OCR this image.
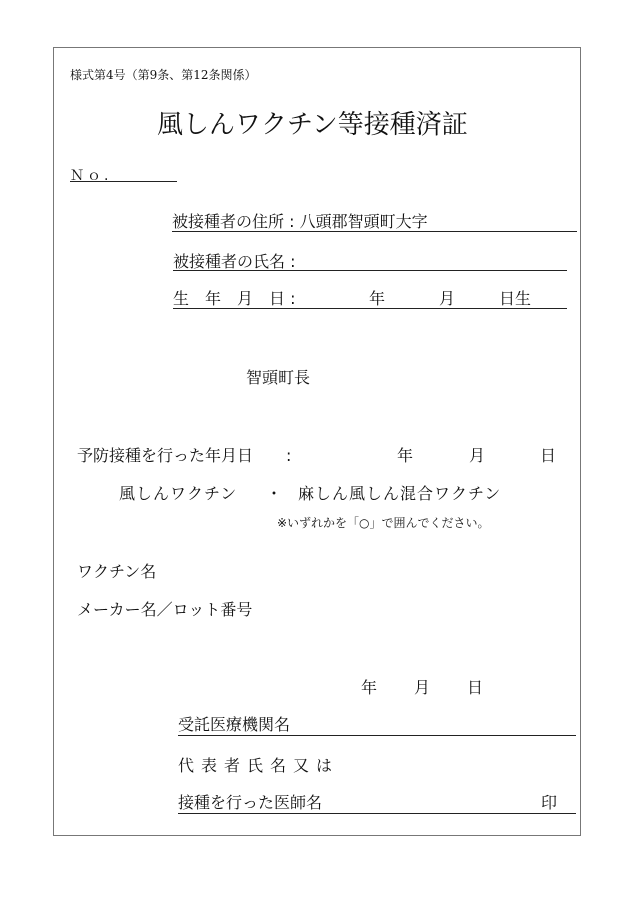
様式第4号（第9条、第12条関係）
風しんワクチン等接種済証
Ｎｏ.
被接種者の住所 : 八頭郡智頭町大字
被接種者の氏名 :
生　年　月　日 :	年	月	日生
智頭町長
予防接種を行った年月日 :	年	月	日
風しんワクチン ・ 麻しん風しん混合ワクチン
※いずれかを「○」で囲んでください。
ワクチン名
メーカー名／ロット番号
年 月 日
受託医療機関名
代表者氏名又は
接種を行った医師名	印
